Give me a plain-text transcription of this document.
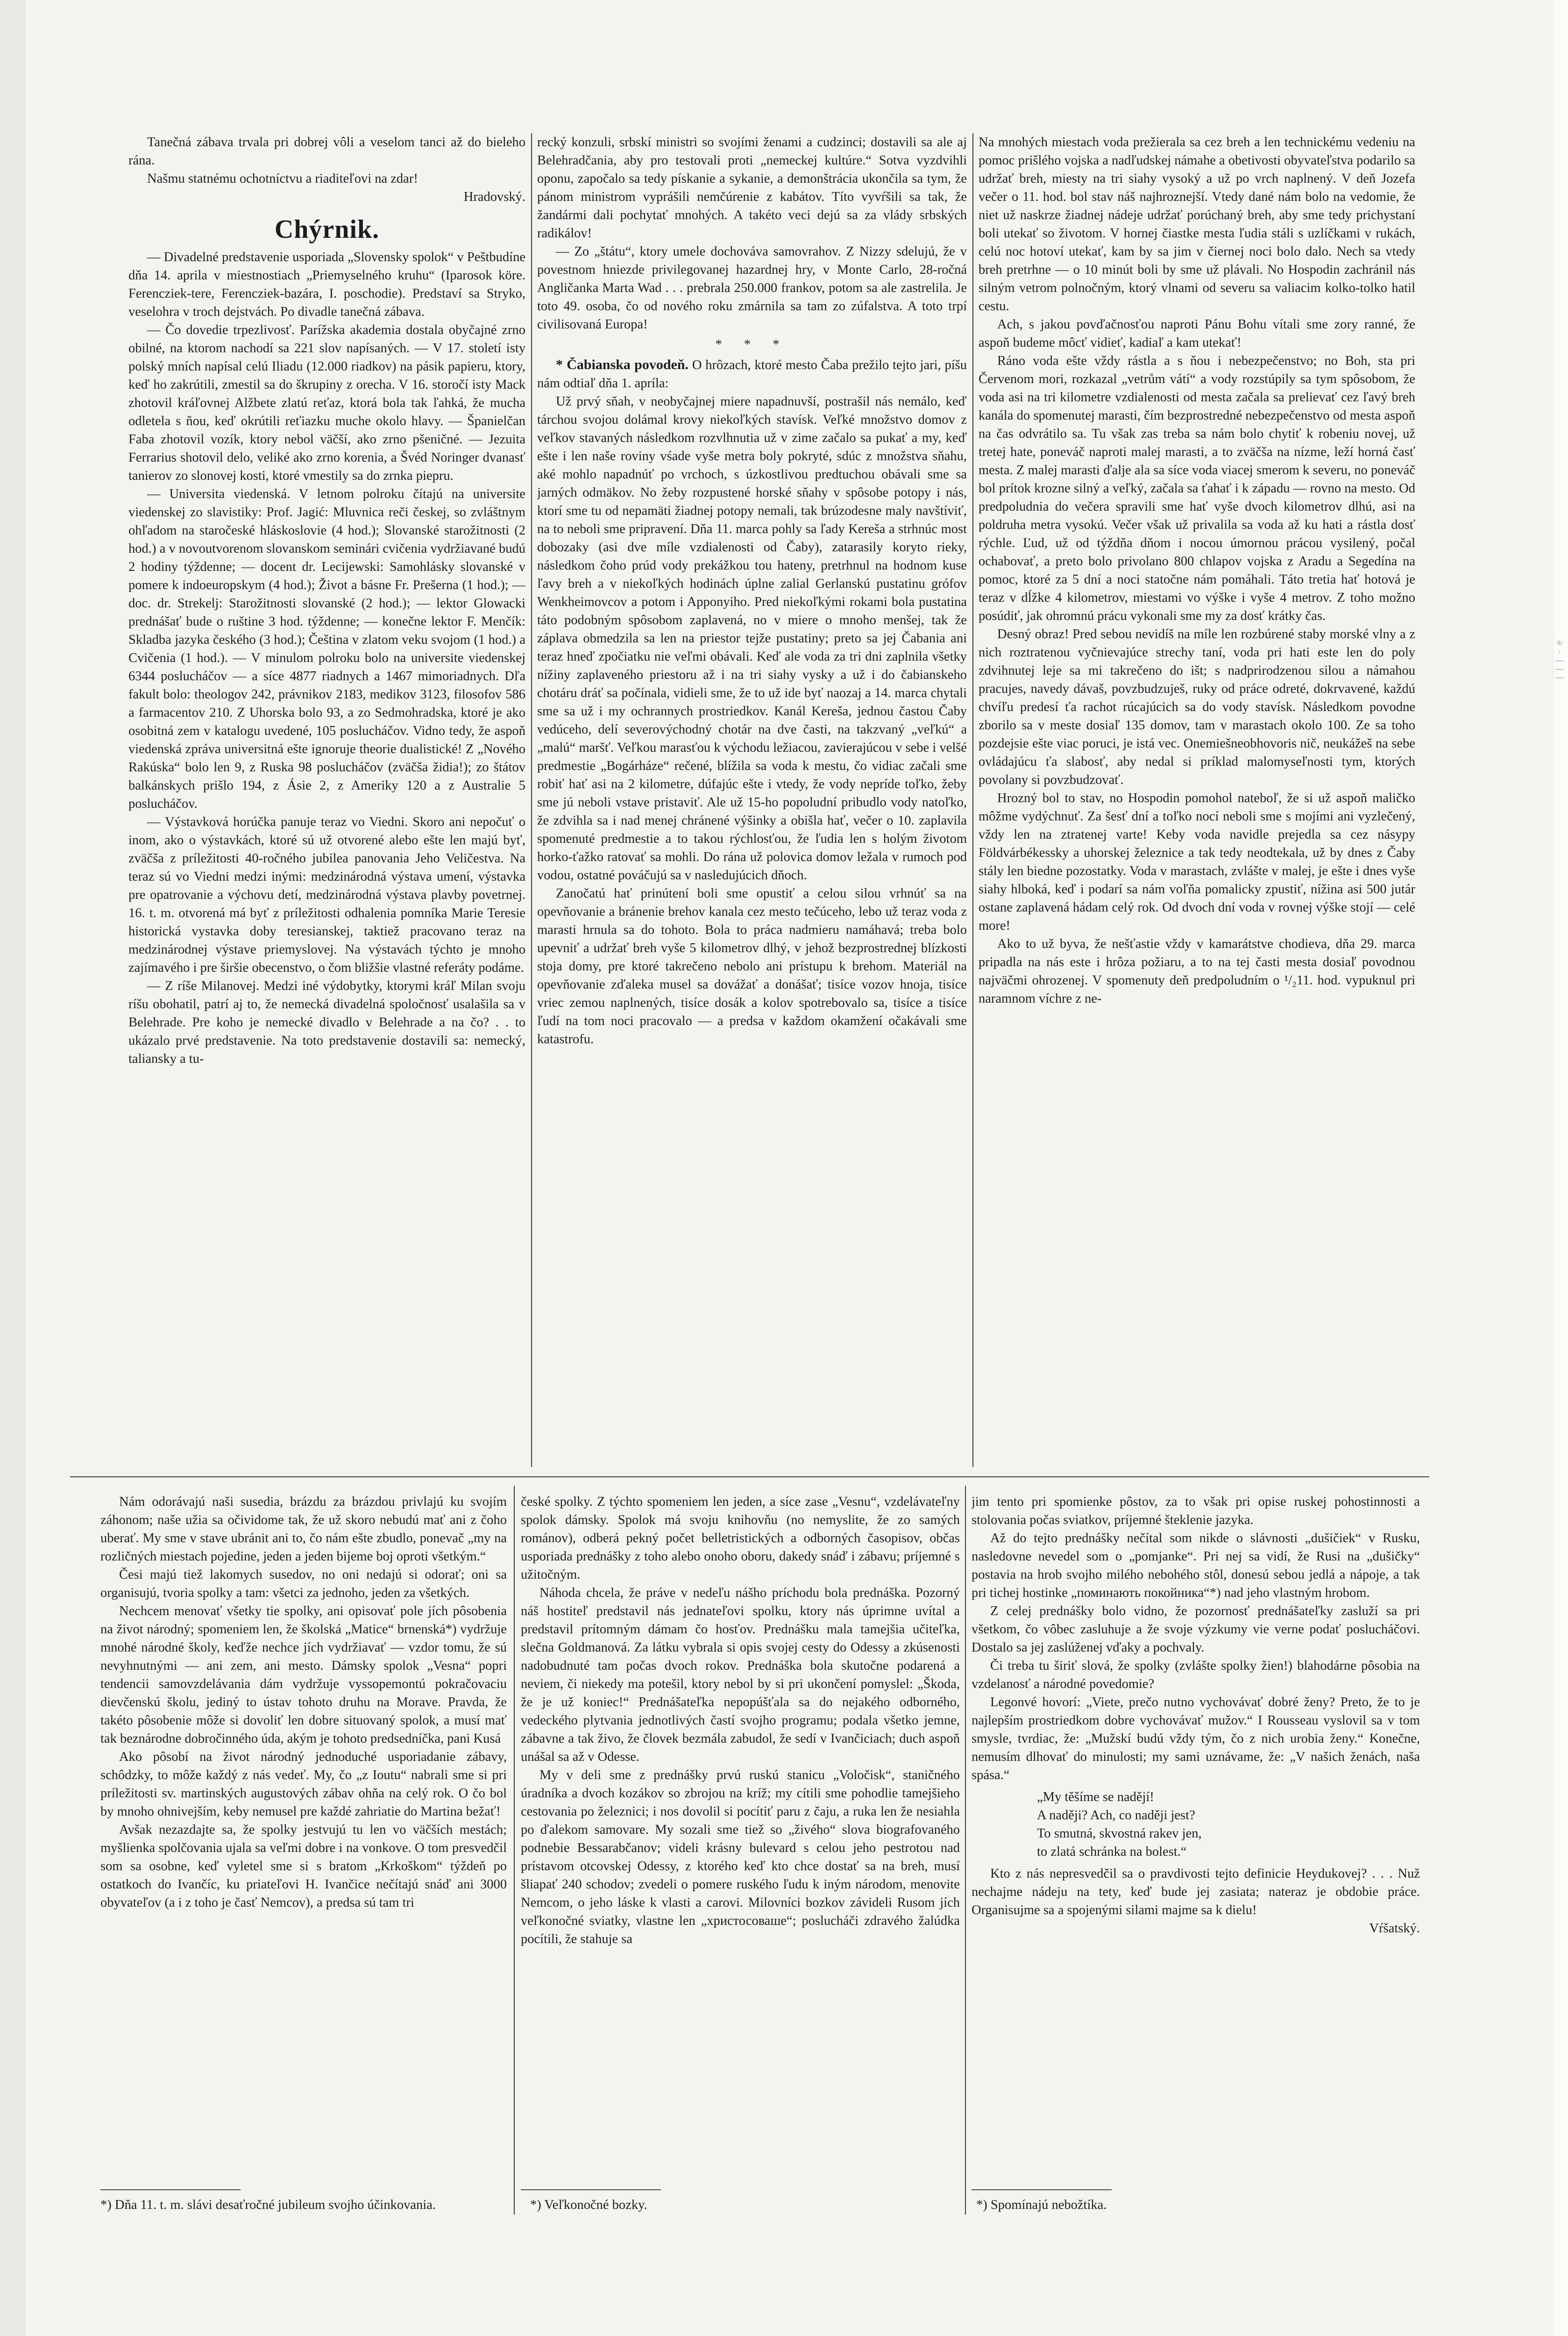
ǝ-|||

Tanečná zábava trvala pri dobrej vôli a veselom tanci až do bieleho rána.

Našmu statnému ochotníctvu a riaditeľovi na zdar!

Hradovský.

Chýrnik.

— Divadelné predstavenie usporiada „Slovensky spolok“ v Peštbudíne dňa 14. aprila v miestnostiach „Priemyselného kruhu“ (Iparosok köre. Ferencziek-tere, Ferencziek-bazára, I. poschodie). Predstaví sa Stryko, veselohra v troch dejstvách. Po divadle tanečná zábava.

— Čo dovedie trpezlivosť. Parížska akademia dostala obyčajné zrno obilné, na ktorom nachodí sa 221 slov napísaných. — V 17. století isty polský mních napísal celú Iliadu (12.000 riadkov) na pásik papieru, ktory, keď ho zakrútili, zmestil sa do škrupiny z orecha. V 16. storočí isty Mack zhotovil kráľovnej Alžbete zlatú reťaz, ktorá bola tak ľahká, že mucha odletela s ňou, keď okrútili reťiazku muche okolo hlavy. — Španielčan Faba zhotovil vozík, ktory nebol väčší, ako zrno pšeničné. — Jezuita Ferrarius shotovil delo, veliké ako zrno korenia, a Švéd Noringer dvanasť tanierov zo slonovej kosti, ktoré vmestily sa do zrnka piepru.

— Universita viedenská. V letnom polroku čítajú na universite viedenskej zo slavistiky: Prof. Jagić: Mluvnica reči českej, so zvláštnym ohľadom na staročeské hláskoslovie (4 hod.); Slovanské starožitnosti (2 hod.) a v novoutvorenom slovanskom seminári cvičenia vydržiavané budú 2 hodiny týždenne; — docent dr. Lecijewski: Samohlásky slovanské v pomere k indoeuropskym (4 hod.); Život a básne Fr. Prešerna (1 hod.); — doc. dr. Strekelj: Starožitnosti slovanské (2 hod.); — lektor Glowacki prednášať bude o ruštine 3 hod. týždenne; — konečne lektor F. Menčík: Skladba jazyka českého (3 hod.); Čeština v zlatom veku svojom (1 hod.) a Cvičenia (1 hod.). — V minulom polroku bolo na universite viedenskej 6344 poslucháčov — a síce 4877 riadnych a 1467 mimoriadnych. Dľa fakult bolo: theologov 242, právnikov 2183, medikov 3123, filosofov 586 a farmacentov 210. Z Uhorska bolo 93, a zo Sedmohradska, ktoré je ako osobitná zem v katalogu uvedené, 105 poslucháčov. Vidno tedy, že aspoň viedenská zpráva universitná ešte ignoruje theorie dualistické! Z „Nového Rakúska“ bolo len 9, z Ruska 98 poslucháčov (zväčša židia!); zo štátov balkánskych prišlo 194, z Ásie 2, z Ameriky 120 a z Australie 5 poslucháčov.

— Výstavková horúčka panuje teraz vo Viedni. Skoro ani nepočuť o inom, ako o výstavkách, ktoré sú už otvorené alebo ešte len majú byť, zväčša z príležitosti 40-ročného jubilea panovania Jeho Veličestva. Na teraz sú vo Viedni medzi inými: medzinárodná výstava umení, výstavka pre opatrovanie a výchovu detí, medzinárodná výstava plavby povetrnej. 16. t. m. otvorená má byť z príležitosti odhalenia pomníka Marie Teresie historická vystavka doby teresianskej, taktiež pracovano teraz na medzinárodnej výstave priemyslovej. Na výstavách týchto je mnoho zajímavého i pre širšie obecenstvo, o čom bližšie vlastné referáty podáme.

— Z ríše Milanovej. Medzi iné výdobytky, ktorymi kráľ Milan svoju ríšu obohatil, patrí aj to, že nemecká divadelná spoločnosť usalašila sa v Belehrade. Pre koho je nemecké divadlo v Belehrade a na čo? . . to ukázalo prvé predstavenie. Na toto predstavenie dostavili sa: nemecký, taliansky a tu-

recký konzuli, srbskí ministri so svojími ženami a cudzinci; dostavili sa ale aj Belehradčania, aby pro testovali proti „nemeckej kultúre.“ Sotva vyzdvihli oponu, započalo sa tedy pískanie a sykanie, a demonštrácia ukončila sa tym, že pánom ministrom vyprášili nemčúrenie z kabátov. Títo vyvŕšili sa tak, že žandármi dali pochytať mnohých. A takéto veci dejú sa za vlády srbských radikálov!

— Zo „štátu“, ktory umele dochováva samovrahov. Z Nizzy sdelujú, že v povestnom hniezde privilegovanej hazardnej hry, v Monte Carlo, 28-ročná Angličanka Marta Wad . . . prebrala 250.000 frankov, potom sa ale zastrelila. Je toto 49. osoba, čo od nového roku zmárnila sa tam zo zúfalstva. A toto trpí civilisovaná Europa!

* * *

* Čabianska povodeň. O hrôzach, ktoré mesto Čaba prežilo tejto jari, píšu nám odtiaľ dňa 1. apríla:

Už prvý sňah, v neobyčajnej miere napadnuvší, postrašil nás nemálo, keď tárchou svojou dolámal krovy niekoľkých stavísk. Veľké množstvo domov z veľkov stavaných následkom rozvlhnutia už v zime začalo sa pukať a my, keď ešte i len naše roviny vśade vyše metra boly pokryté, sdúc z množstva sňahu, aké mohlo napadnúť po vrchoch, s úzkostlivou predtuchou obávali sme sa jarných odmäkov. No žeby rozpustené horské sňahy v spôsobe potopy i nás, ktorí sme tu od nepamäti žiadnej potopy nemali, tak brúzodesne maly navštíviť, na to neboli sme pripravení. Dňa 11. marca pohly sa ľady Kereša a strhnúc most dobozaky (asi dve míle vzdialenosti od Čaby), zatarasily koryto rieky, následkom čoho prúd vody prekážkou tou hateny, pretrhnul na hodnom kuse ľavy breh a v niekoľkých hodinách úplne zalial Gerlanskú pustatinu grófov Wenkheimovcov a potom i Apponyiho. Pred niekoľkými rokami bola pustatina táto podobným spôsobom zaplavená, no v miere o mnoho menšej, tak že záplava obmedzila sa len na priestor tejže pustatiny; preto sa jej Čabania ani teraz hneď zpočiatku nie veľmi obávali. Keď ale voda za tri dni zaplnila všetky nížiny zaplaveného priestoru až i na tri siahy vysky a už i do čabianskeho chotáru dráť sa počínala, vidieli sme, že to už ide byť naozaj a 14. marca chytali sme sa už i my ochrannych prostriedkov. Kanál Kereša, jednou častou Čaby vedúceho, delí severovýchodný chotár na dve časti, na takzvaný „veľkú“ a „malú“ maršť. Veľkou marasťou k východu ležiacou, zavierajúcou v sebe i velšé predmestie „Bogárháze“ rečené, blížila sa voda k mestu, čo vidiac začali sme robiť hať asi na 2 kilometre, dúfajúc ešte i vtedy, že vody nepríde toľko, žeby sme jú neboli vstave pristaviť. Ale už 15-ho popoludní pribudlo vody natoľko, že zdvihla sa i nad menej chránené výšinky a obišla hať, večer o 10. zaplavila spomenuté predmestie a to takou rýchlosťou, že ľudia len s holým životom horko-ťažko ratovať sa mohli. Do rána už polovica domov ležala v rumoch pod vodou, ostatné pováčujú sa v nasledujúcich dňoch.

Zanočatú hať prinútení boli sme opustiť a celou silou vrhnúť sa na opevňovanie a bránenie brehov kanala cez mesto tečúceho, lebo už teraz voda z marasti hrnula sa do tohoto. Bola to práca nadmieru namáhavá; treba bolo upevniť a udržať breh vyše 5 kilometrov dlhý, v jehož bezprostrednej blízkosti stoja domy, pre ktoré takrečeno nebolo ani prístupu k brehom. Materiál na opevňovanie zďaleka musel sa dovážať a donášať; tisíce vozov hnoja, tisíce vriec zemou naplnených, tisíce dosák a kolov spotrebovalo sa, tisíce a tisíce ľudí na tom noci pracovalo — a predsa v každom okamžení očakávali sme katastrofu.

Na mnohých miestach voda prežierala sa cez breh a len technickému vedeniu na pomoc prišlého vojska a nadľudskej námahe a obetivosti obyvateľstva podarilo sa udržať breh, miesty na tri siahy vysoký a už po vrch naplnený. V deň Jozefa večer o 11. hod. bol stav náš najhroznejší. Vtedy dané nám bolo na vedomie, že niet už naskrze žiadnej nádeje udržať porúchaný breh, aby sme tedy prichystaní boli utekať so životom. V hornej čiastke mesta ľudia stáli s uzlíčkami v rukách, celú noc hotoví utekať, kam by sa jim v čiernej noci bolo dalo. Nech sa vtedy breh pretrhne — o 10 minút boli by sme už plávali. No Hospodin zachránil nás silným vetrom polnočným, ktorý vlnami od severu sa valiacim kolko-tolko hatil cestu.

Ach, s jakou povďačnosťou naproti Pánu Bohu vítali sme zory ranné, že aspoň budeme môcť vidieť, kadiaľ a kam utekať!

Ráno voda ešte vždy rástla a s ňou i nebezpečenstvo; no Boh, sta pri Červenom mori, rozkazal „vetrům vátí“ a vody rozstúpily sa tym spôsobom, že voda asi na tri kilometre vzdialenosti od mesta začala sa prelievať cez ľavý breh kanála do spomenutej marasti, čím bezprostredné nebezpečenstvo od mesta aspoň na čas odvrátilo sa. Tu však zas treba sa nám bolo chytiť k robeniu novej, už tretej hate, poneváč naproti malej marasti, a to zväčša na nízme, leží horná časť mesta. Z malej marasti ďalje ala sa síce voda viacej smerom k severu, no poneváč bol prítok krozne silný a veľký, začala sa ťahať i k západu — rovno na mesto. Od predpoludnia do večera spravili sme hať vyše dvoch kilometrov dlhú, asi na poldruha metra vysokú. Večer však už privalila sa voda až ku hati a rástla dosť rýchle. Ľud, už od týždňa dňom i nocou úmornou prácou vysilený, počal ochabovať, a preto bolo privolano 800 chlapov vojska z Aradu a Segedína na pomoc, ktoré za 5 dní a noci statočne nám pomáhali. Táto tretia hať hotová je teraz v dĺžke 4 kilometrov, miestami vo výške i vyše 4 metrov. Z toho možno posúdiť, jak ohromnú prácu vykonali sme my za dosť krátky čas.

Desný obraz! Pred sebou nevidíš na míle len rozbúrené staby morské vlny a z nich roztratenou vyčnievajúce strechy taní, voda pri hati este len do poly zdvihnutej leje sa mi takrečeno do išt; s nadprirodzenou silou a námahou pracujes, navedy dávaš, povzbudzuješ, ruky od práce odreté, dokrvavené, každú chvíľu predesí ťa rachot rúcajúcich sa do vody stavísk. Následkom povodne zborilo sa v meste dosiaľ 135 domov, tam v marastach okolo 100. Ze sa toho pozdejsie ešte viac poruci, je istá vec. Onemiešneobhovoris nič, neukážeš na sebe ovládajúcu ťa slabosť, aby nedal si príklad malomyseľnosti tym, ktorých povolany si povzbudzovať.

Hrozný bol to stav, no Hospodin pomohol nateboľ, že si už aspoň maličko môžme vydýchnuť. Za šesť dní a toľko nocí neboli sme s mojími ani vyzlečený, vždy len na ztratenej varte! Keby voda navidle prejedla sa cez násypy Földvárbékessky a uhorskej železnice a tak tedy neodtekala, už by dnes z Čaby stály len biedne pozostatky. Voda v marastach, zvlášte v malej, je ešte i dnes vyše siahy hlboká, keď i podarí sa nám voľňa pomalicky zpustiť, nížina asi 500 jutár ostane zaplavená hádam celý rok. Od dvoch dní voda v rovnej výške stojí — celé more!

Ako to už byva, že nešťastie vždy v kamarátstve chodieva, dňa 29. marca pripadla na nás este i hrôza požiaru, a to na tej časti mesta dosiaľ povodnou najväčmi ohrozenej. V spomenuty deň predpoludním o ¹/₂11. hod. vypuknul pri naramnom víchre z ne-

Nám odorávajú naši susedia, brázdu za brázdou privlajú ku svojím záhonom; naše užia sa očividome tak, že už skoro nebudú mať ani z čoho uberať. My sme v stave ubránit ani to, čo nám ešte zbudlo, ponevač „my na rozličných miestach pojedine, jeden a jeden bijeme boj oproti všetkým.“

Česi majú tiež lakomych susedov, no oni nedajú si odorať; oni sa organisujú, tvoria spolky a tam: všetci za jednoho, jeden za všetkých.

Nechcem menovať všetky tie spolky, ani opisovať pole jích pôsobenia na život národný; spomeniem len, že školská „Matice“ brnenská*) vydržuje mnohé národné školy, keďže nechce jích vydržiavať — vzdor tomu, že sú nevyhnutnými — ani zem, ani mesto. Dámsky spolok „Vesna“ popri tendencii samovzdelávania dám vydržuje vyssopemontú pokračovaciu dievčenskú školu, jediný to ústav tohoto druhu na Morave. Pravda, že takéto pôsobenie môže si dovoliť len dobre situovaný spolok, a musí mať tak beznárodne dobročinného úda, akým je tohoto predsedníčka, pani Kusá

Ako pôsobí na život národný jednoduché usporiadanie zábavy, schôdzky, to môže každý z nás vedeť. My, čo „z Ioutu“ nabrali sme si pri príležitosti sv. martinských augustových zábav ohňa na celý rok. O čo bol by mnoho ohnivejším, keby nemusel pre každé zahriatie do Martina bežať!

Avšak nezazdajte sa, že spolky jestvujú tu len vo väčších mestách; myšlienka spolčovania ujala sa veľmi dobre i na vonkove. O tom presvedčil som sa osobne, keď vyletel sme si s bratom „Krkoškom“ týždeň po ostatkoch do Ivančíc, ku priateľovi H. Ivančice nečítajú snáď ani 3000 obyvateľov (a i z toho je časť Nemcov), a predsa sú tam tri

české spolky. Z týchto spomeniem len jeden, a síce zase „Vesnu“, vzdelávateľny spolok dámsky. Spolok má svoju knihovňu (no nemyslite, že zo samých románov), odberá pekný počet belletristických a odborných časopisov, občas usporiada prednášky z toho alebo onoho oboru, dakedy snáď i zábavu; príjemné s užitočným.

Náhoda chcela, že práve v nedeľu nášho príchodu bola prednáška. Pozorný náš hostiteľ predstavil nás jednateľovi spolku, ktory nás úprimne uvítal a predstavil prítomným dámam čo hosťov. Prednášku mala tamejšia učiteľka, slečna Goldmanová. Za látku vybrala si opis svojej cesty do Odessy a zkúsenosti nadobudnuté tam počas dvoch rokov. Prednáška bola skutočne podarená a neviem, či niekedy ma potešil, ktory nebol by si pri ukončení pomyslel: „Škoda, že je už koniec!“ Prednášateľka nepopúšťala sa do nejakého odborného, vedeckého plytvania jednotlivých častí svojho programu; podala všetko jemne, zábavne a tak živo, že človek bezmála zabudol, že sedí v Ivančiciach; duch aspoň unášal sa až v Odesse.

My v deli sme z prednášky prvú ruskú stanicu „Voločisk“, staničného úradníka a dvoch kozákov so zbrojou na kríž; my cítili sme pohodlie tamejšieho cestovania po železnici; i nos dovolil si pocítiť paru z čaju, a ruka len že nesiahla po ďalekom samovare. My sozali sme tiež so „živého“ slova biografovaného podnebie Bessarabčanov; videli krásny bulevard s celou jeho pestrotou nad prístavom otcovskej Odessy, z ktorého keď kto chce dostať sa na breh, musí šliapať 240 schodov; zvedeli o pomere ruského ľudu k iným národom, menovite Nemcom, o jeho láske k vlasti a carovi. Milovníci bozkov závideli Rusom jích veľkonočné sviatky, vlastne len „христосоваше“; poslucháči zdravého žalúdka pocítili, že stahuje sa

jim tento pri spomienke pôstov, za to však pri opise ruskej pohostinnosti a stolovania počas sviatkov, príjemné šteklenie jazyka.

Až do tejto prednášky nečítal som nikde o slávnosti „dušičiek“ v Rusku, nasledovne nevedel som o „pomjanke“. Pri nej sa vidí, že Rusi na „dušičky“ postavia na hrob svojho milého nebohého stôl, donesú sebou jedlá a nápoje, a tak pri tichej hostinke „поминають покойника“*) nad jeho vlastným hrobom.

Z celej prednášky bolo vidno, že pozornosť prednášateľky zasluží sa pri všetkom, čo vôbec zasluhuje a že svoje výzkumy vie verne podať poslucháčovi. Dostalo sa jej zaslúženej vďaky a pochvaly.

Či treba tu širiť slová, že spolky (zvlášte spolky žien!) blahodárne pôsobia na vzdelanosť a národné povedomie?

Legonvé hovorí: „Viete, prečo nutno vychovávať dobré ženy? Preto, že to je najlepším prostriedkom dobre vychovávať mužov.“ I Rousseau vyslovil sa v tom smysle, tvrdiac, že: „Mužskí budú vždy tým, čo z nich urobia ženy.“ Konečne, nemusím dlhovať do minulosti; my sami uznávame, že: „V našich ženách, naša spása.“

„My těšíme se nadějí!
A naději? Ach, co naději jest?
To smutná, skvostná rakev jen,
to zlatá schránka na bolest.“

Kto z nás nepresvedčil sa o pravdivosti tejto definicie Heydukovej? . . . Nuž nechajme nádeju na tety, keď bude jej zasiata; nateraz je obdobie práce. Organisujme sa a spojenými silami majme sa k dielu!

Vŕšatský.

*) Dňa 11. t. m. slávi desaťročné jubileum svojho účinkovania.	*) Veľkonočné bozky.	*) Spomínajú nebožtíka.
